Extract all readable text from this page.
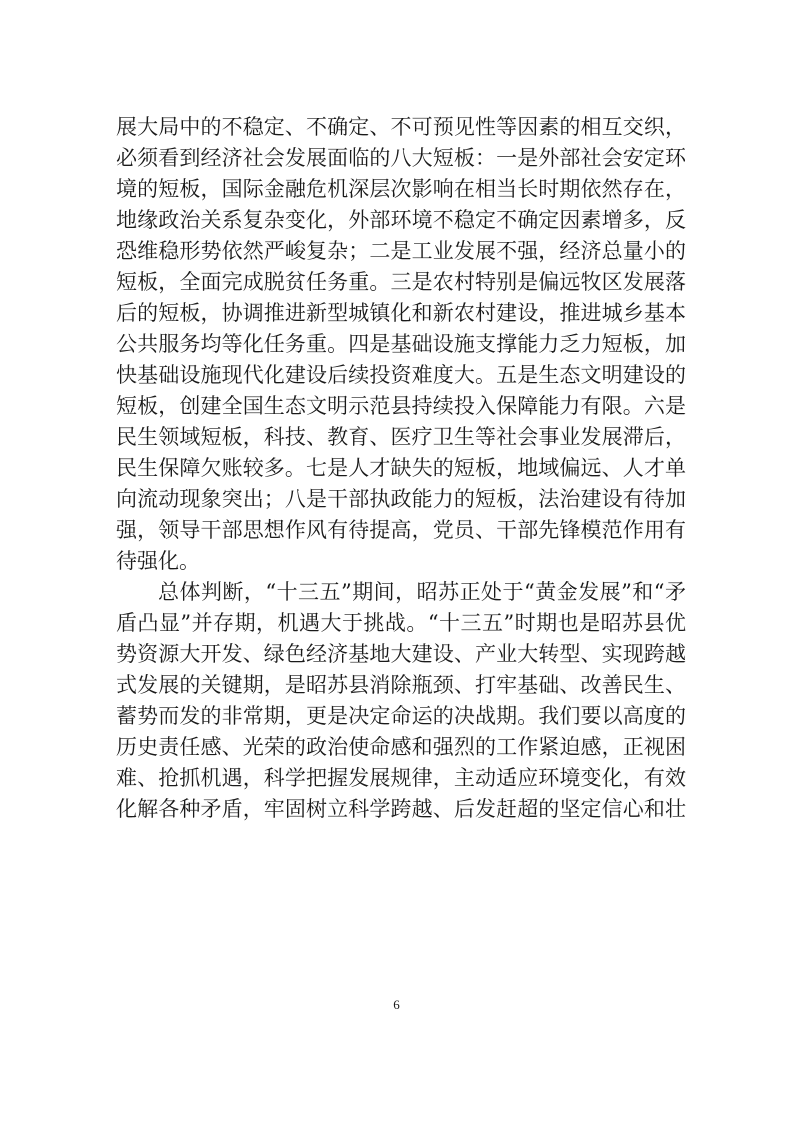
展大局中的不稳定、不确定、不可预见性等因素的相互交织，
必须看到经济社会发展面临的八大短板：一是外部社会安定环
境的短板，国际金融危机深层次影响在相当长时期依然存在，
地缘政治关系复杂变化，外部环境不稳定不确定因素增多，反
恐维稳形势依然严峻复杂；二是工业发展不强，经济总量小的
短板，全面完成脱贫任务重。三是农村特别是偏远牧区发展落
后的短板，协调推进新型城镇化和新农村建设，推进城乡基本
公共服务均等化任务重。四是基础设施支撑能力乏力短板，加
快基础设施现代化建设后续投资难度大。五是生态文明建设的
短板，创建全国生态文明示范县持续投入保障能力有限。六是
民生领域短板，科技、教育、医疗卫生等社会事业发展滞后，
民生保障欠账较多。七是人才缺失的短板，地域偏远、人才单
向流动现象突出；八是干部执政能力的短板，法治建设有待加
强，领导干部思想作风有待提高，党员、干部先锋模范作用有
待强化。
总体判断，“十三五”期间，昭苏正处于“黄金发展”和“矛
盾凸显”并存期，机遇大于挑战。“十三五”时期也是昭苏县优
势资源大开发、绿色经济基地大建设、产业大转型、实现跨越
式发展的关键期，是昭苏县消除瓶颈、打牢基础、改善民生、
蓄势而发的非常期，更是决定命运的决战期。我们要以高度的
历史责任感、光荣的政治使命感和强烈的工作紧迫感，正视困
难、抢抓机遇，科学把握发展规律，主动适应环境变化，有效
化解各种矛盾，牢固树立科学跨越、后发赶超的坚定信心和壮
6
